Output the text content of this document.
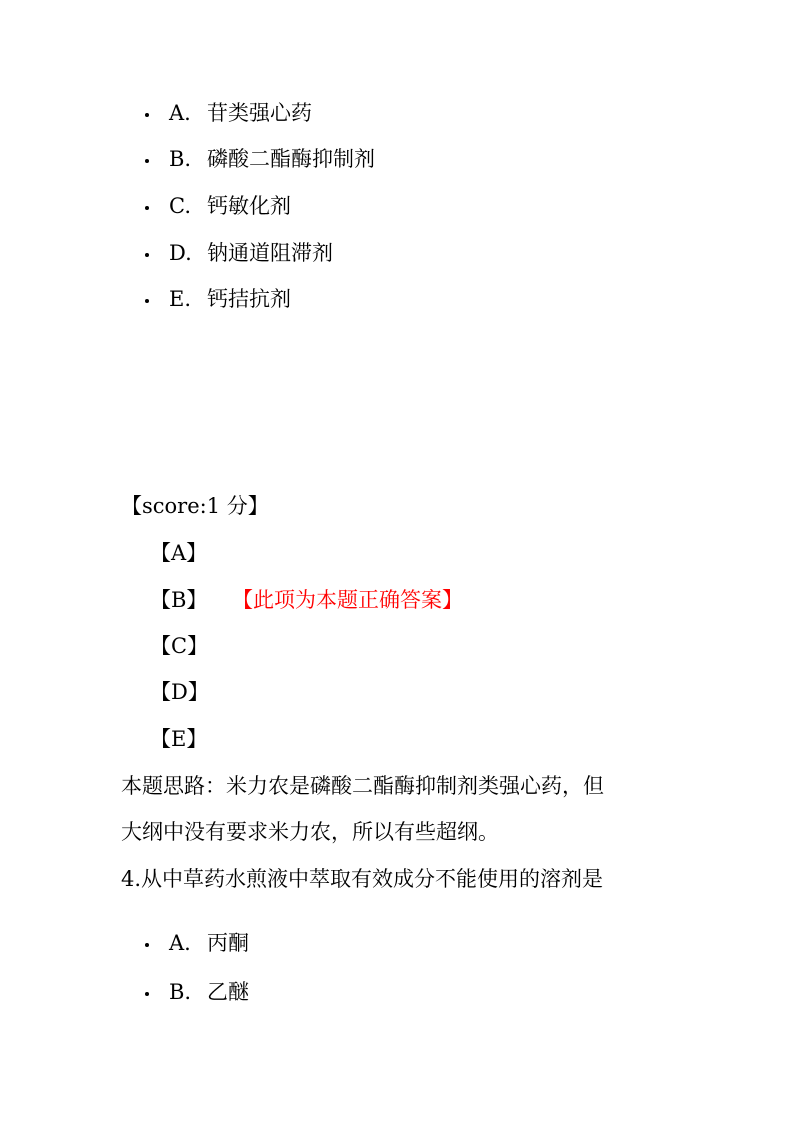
A. 苷类强心药
B. 磷酸二酯酶抑制剂
C. 钙敏化剂
D. 钠通道阻滞剂
E. 钙拮抗剂
【score:1 分】
【A】
【B】 【此项为本题正确答案】
【C】
【D】
【E】
本题思路：米力农是磷酸二酯酶抑制剂类强心药，但
大纲中没有要求米力农，所以有些超纲。
4.从中草药水煎液中萃取有效成分不能使用的溶剂是
A. 丙酮
B. 乙醚
